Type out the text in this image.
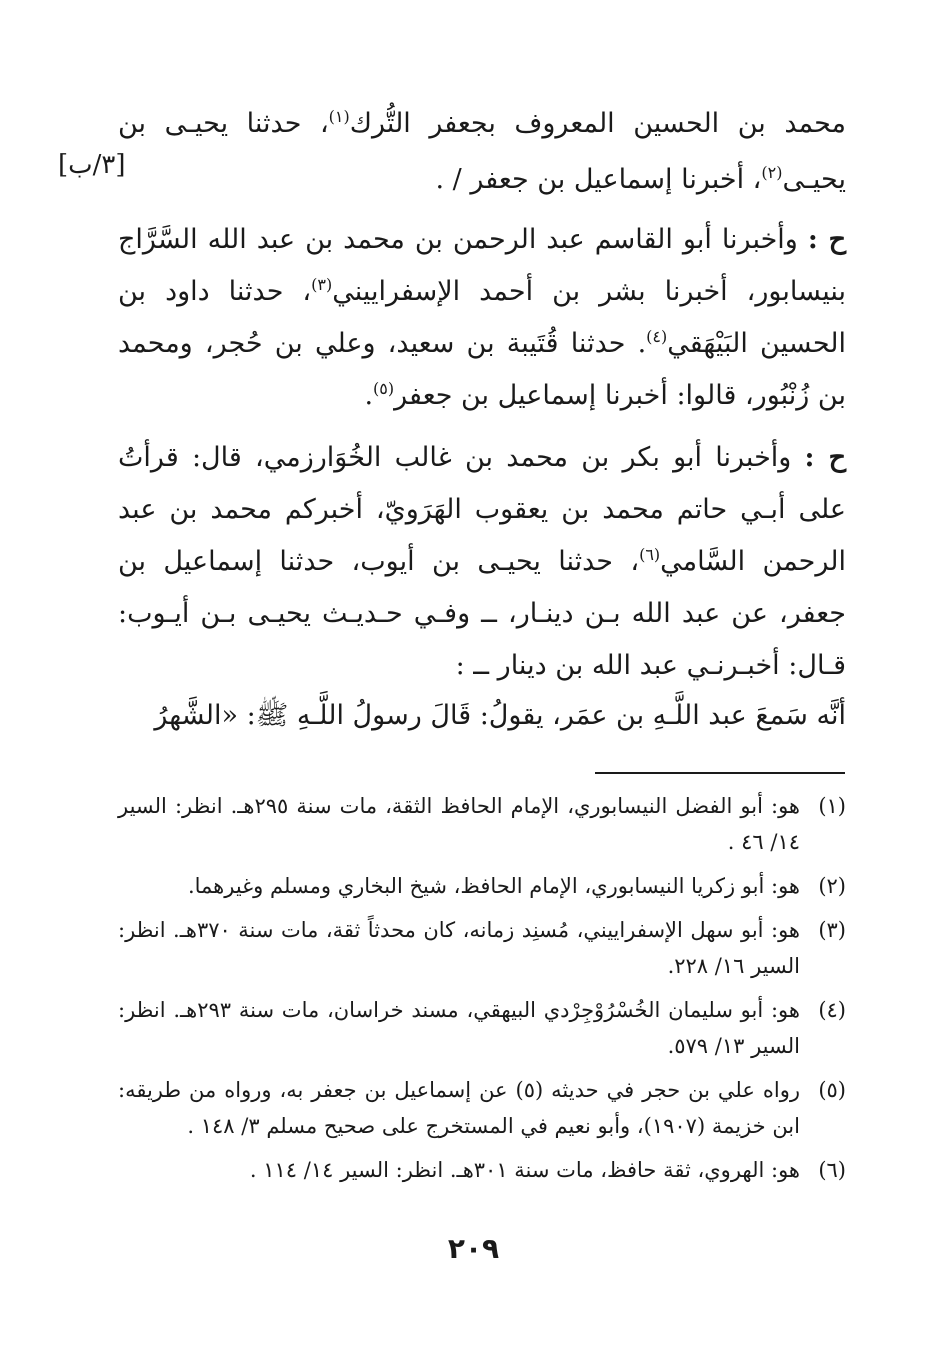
[٣/ب]

محمد بن الحسين المعروف بجعفر التُّرك$^{(١)}$، حدثنا يحيـى بن يحيـى$^{(٢)}$، أخبرنا إسماعيل بن جعفر / .

ح : وأخبرنا أبو القاسم عبد الرحمن بن محمد بن عبد الله السَّرَّاج بنيسابور، أخبرنا بشر بن أحمد الإسفراييني$^{(٣)}$، حدثنا داود بن الحسين البَيْهَقي$^{(٤)}$. حدثنا قُتَيبة بن سعيد، وعلي بن حُجر، ومحمد بن زُنْبُور، قالوا: أخبرنا إسماعيل بن جعفر$^{(٥)}$.

ح : وأخبرنا أبو بكر بن محمد بن غالب الخُوَارزمي، قال: قرأتُ على أبـي حاتم محمد بن يعقوب الهَرَويّ، أخبركم محمد بن عبد الرحمن السَّامي$^{(٦)}$، حدثنا يحيـى بن أيوب، حدثنا إسماعيل بن جعفر، عن عبد الله بـن دينـار، ــ وفـي حـديـث يحيـى بـن أيـوب: قـال: أخبـرنـي عبد الله بن دينار ــ :

أنَّه سَمعَ عبد اللَّـهِ بن عمَر، يقولُ: قَالَ رسولُ اللَّـهِ ﷺ: «الشَّهرُ

(١)
هو: أبو الفضل النيسابوري، الإمام الحافظ الثقة، مات سنة ٢٩٥هـ. انظر: السير ١٤/ ٤٦ .
(٢)
هو: أبو زكريا النيسابوري، الإمام الحافظ، شيخ البخاري ومسلم وغيرهما.
(٣)
هو: أبو سهل الإسفراييني، مُسنِد زمانه، كان محدثاً ثقة، مات سنة ٣٧٠هـ. انظر: السير ١٦/ ٢٢٨.
(٤)
هو: أبو سليمان الخُسْرُوْجِرْدي البيهقي، مسند خراسان، مات سنة ٢٩٣هـ. انظر: السير ١٣/ ٥٧٩.
(٥)
رواه علي بن حجر في حديثه (٥) عن إسماعيل بن جعفر به، ورواه من طريقه: ابن خزيمة (١٩٠٧)، وأبو نعيم في المستخرج على صحيح مسلم ٣/ ١٤٨ .
(٦)
هو: الهروي، ثقة حافظ، مات سنة ٣٠١هـ. انظر: السير ١٤/ ١١٤ .
٢٠٩
